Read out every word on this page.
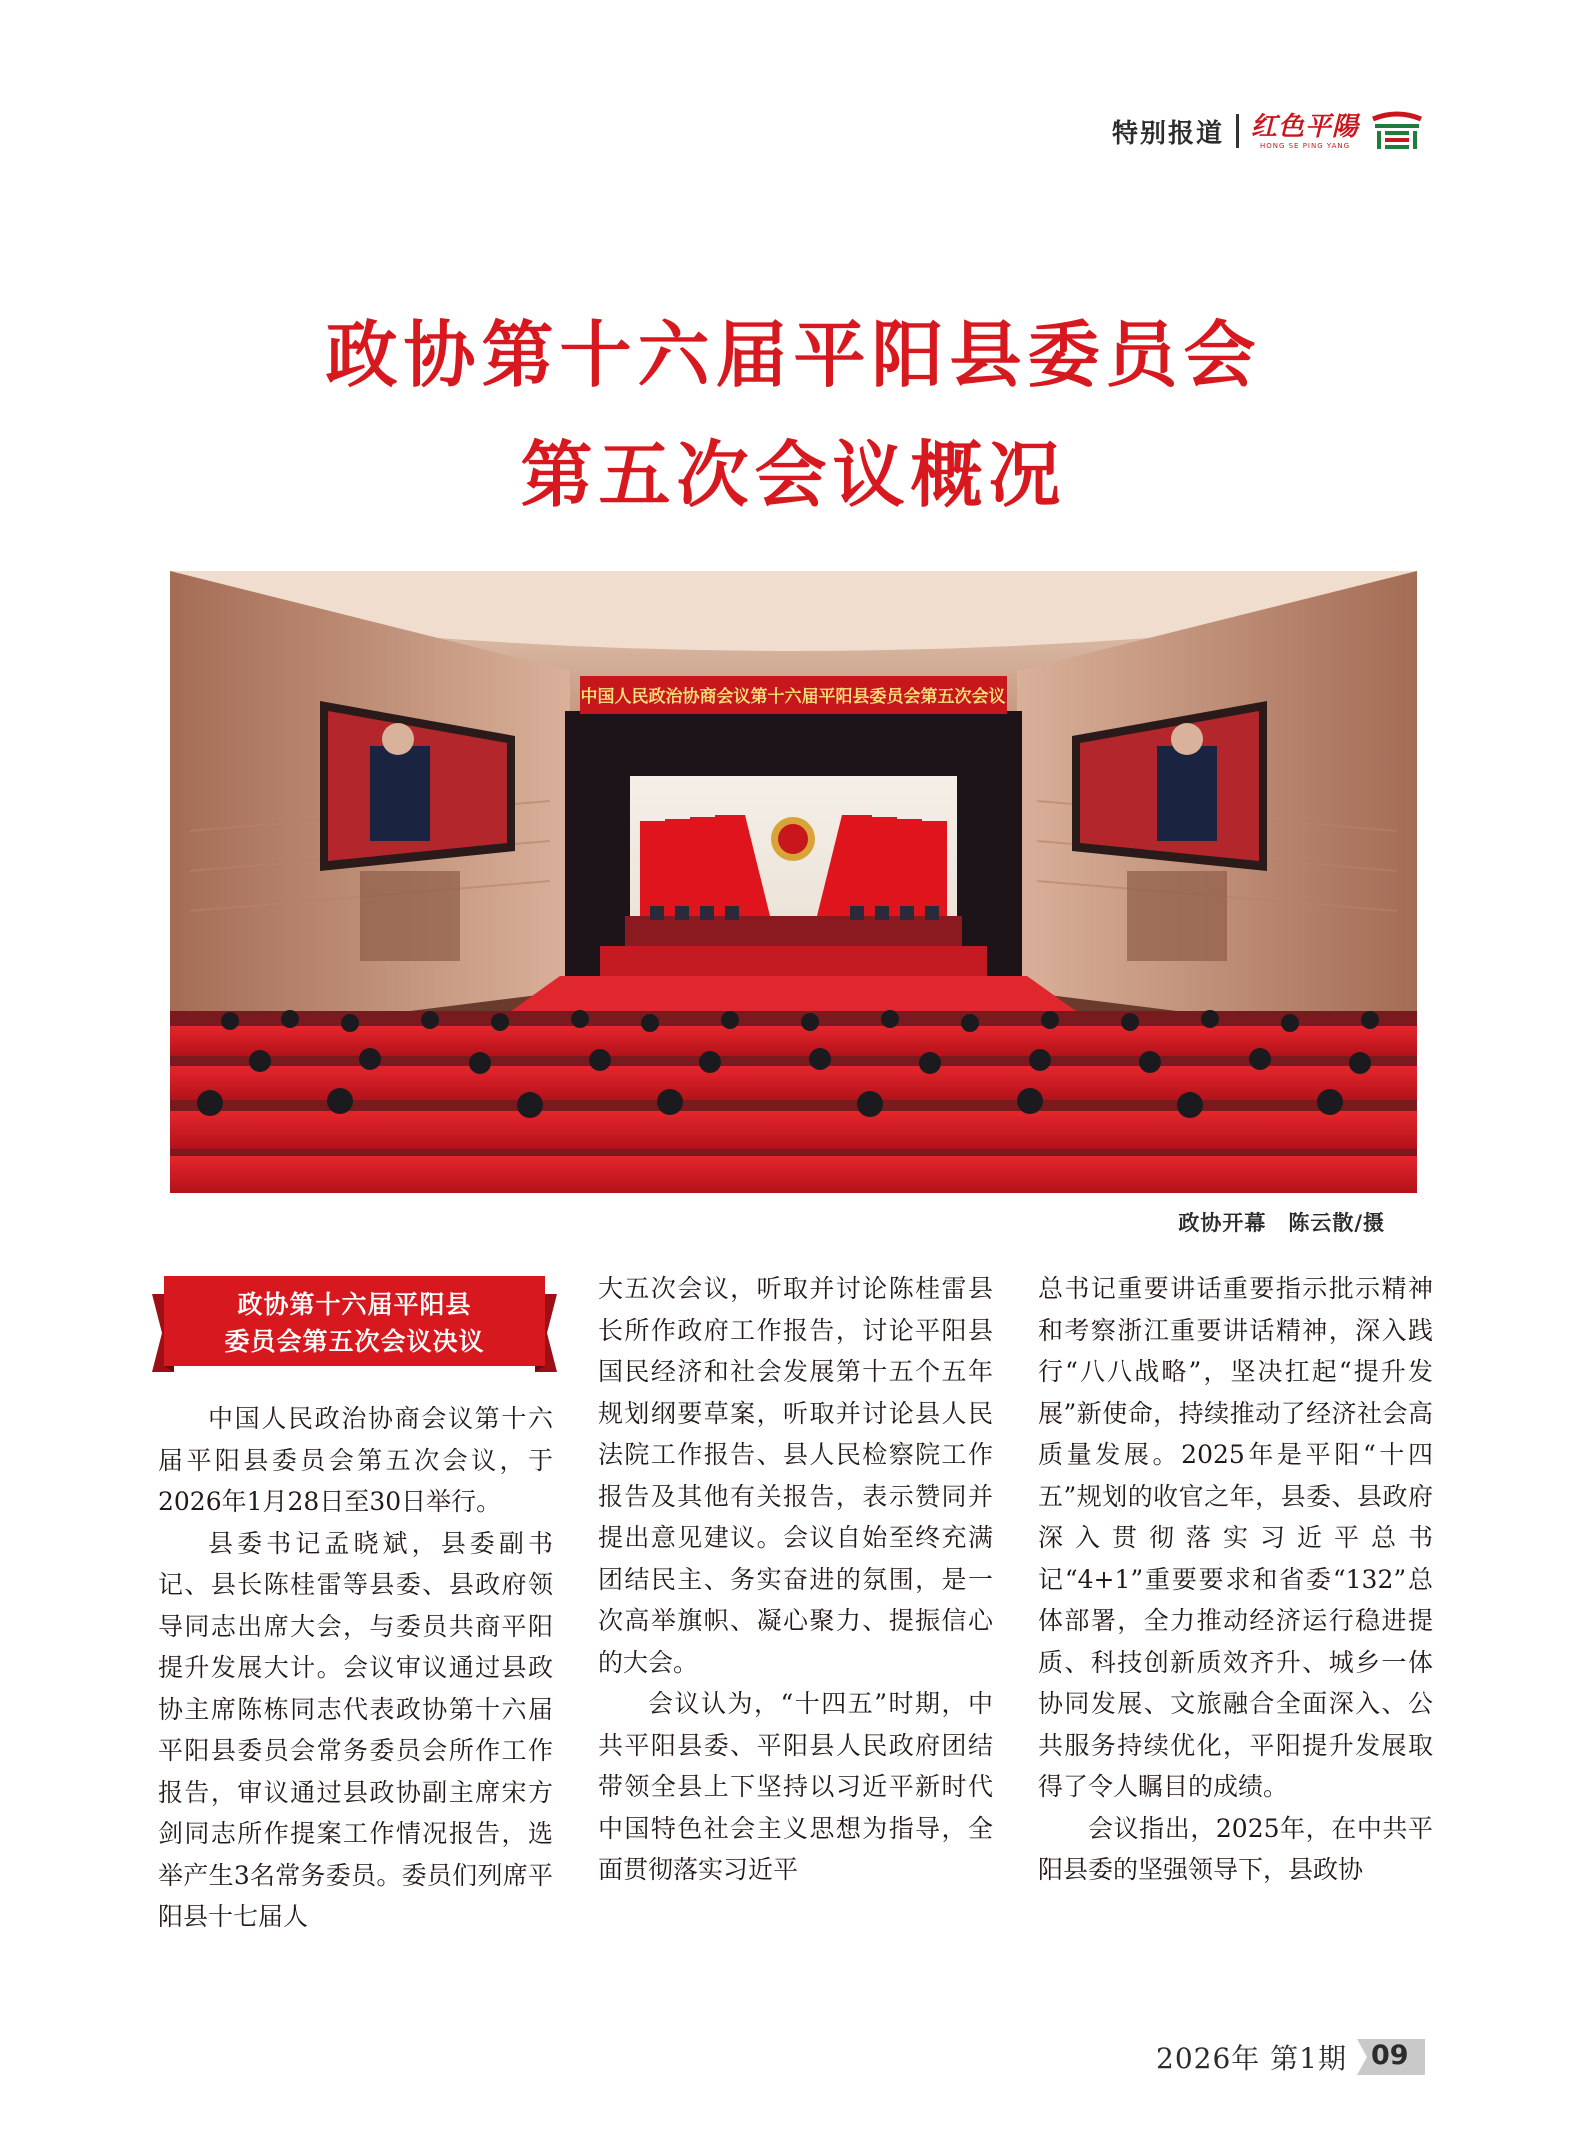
特别报道 红色平陽
HONG SE PING YANG
政协第十六届平阳县委员会
第五次会议概况
中国人民政治协商会议第十六届平阳县委员会第五次会议
政协开幕　陈云散/摄
政协第十六届平阳县
委员会第五次会议决议

中国人民政治协商会议第十六届平阳县委员会第五次会议，于2026年1月28日至30日举行。

县委书记孟晓斌，县委副书记、县长陈桂雷等县委、县政府领导同志出席大会，与委员共商平阳提升发展大计。会议审议通过县政协主席陈栋同志代表政协第十六届平阳县委员会常务委员会所作工作报告，审议通过县政协副主席宋方剑同志所作提案工作情况报告，选举产生3名常务委员。委员们列席平阳县十七届人

大五次会议，听取并讨论陈桂雷县长所作政府工作报告，讨论平阳县国民经济和社会发展第十五个五年规划纲要草案，听取并讨论县人民法院工作报告、县人民检察院工作报告及其他有关报告，表示赞同并提出意见建议。会议自始至终充满团结民主、务实奋进的氛围，是一次高举旗帜、凝心聚力、提振信心的大会。

会议认为，“十四五”时期，中共平阳县委、平阳县人民政府团结带领全县上下坚持以习近平新时代中国特色社会主义思想为指导，全面贯彻落实习近平

总书记重要讲话重要指示批示精神和考察浙江重要讲话精神，深入践行“八八战略”，坚决扛起“提升发展”新使命，持续推动了经济社会高质量发展。2025年是平阳“十四五”规划的收官之年，县委、县政府深入贯彻落实习近平总书记“4+1”重要要求和省委“132”总体部署，全力推动经济运行稳进提质、科技创新质效齐升、城乡一体协同发展、文旅融合全面深入、公共服务持续优化，平阳提升发展取得了令人瞩目的成绩。

会议指出，2025年，在中共平阳县委的坚强领导下，县政协

2026年 第1期 09
